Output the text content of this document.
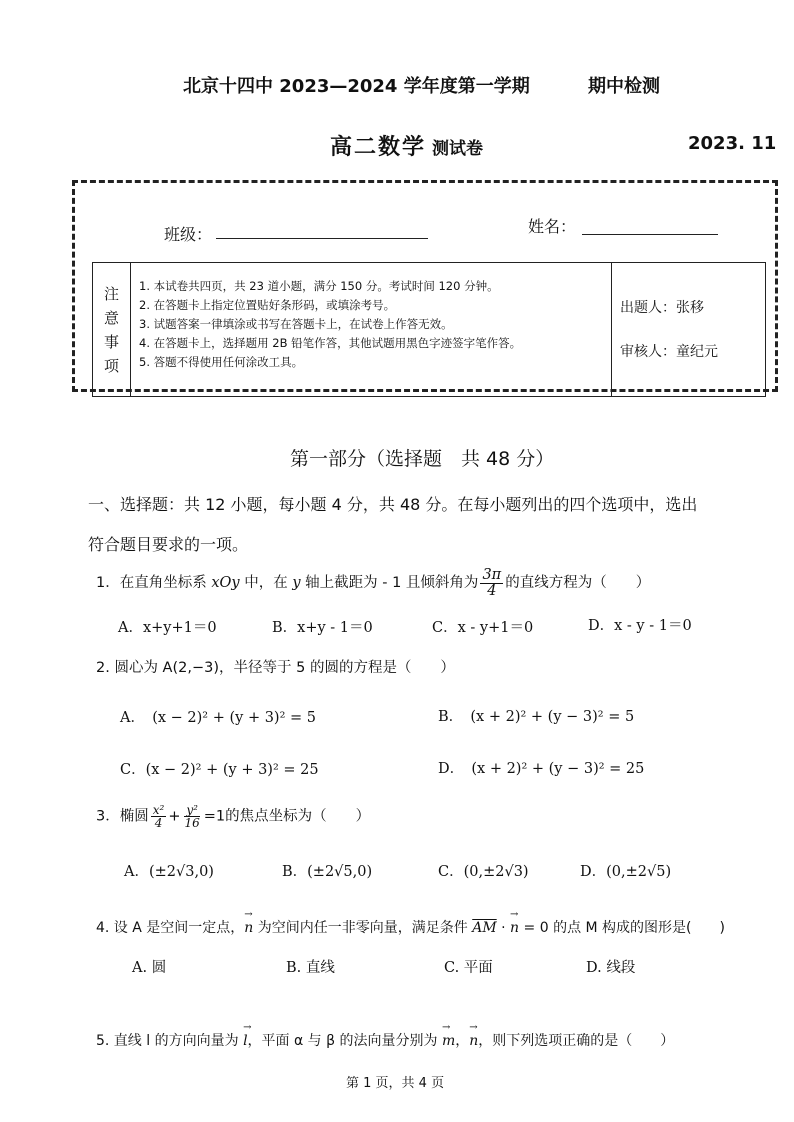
北京十四中 2023—2024 学年度第一学期	期中检测
高二数学 测试卷	2023. 11
班级：	姓名：
注
意
事
项
1. 本试卷共四页，共 23 道小题，满分 150 分。考试时间 120 分钟。
2. 在答题卡上指定位置贴好条形码，或填涂考号。
3. 试题答案一律填涂或书写在答题卡上，在试卷上作答无效。
4. 在答题卡上，选择题用 2B 铅笔作答，其他试题用黑色字迹签字笔作答。
5. 答题不得使用任何涂改工具。
出题人：张移
审核人：童纪元
第一部分（选择题　共 48 分）
一、选择题：共 12 小题，每小题 4 分，共 48 分。在每小题列出的四个选项中，选出
符合题目要求的一项。
1．在直角坐标系 xOy 中，在 y 轴上截距为 - 1 且倾斜角为 $\frac{3\pi}{4}$ 的直线方程为（　　）
A．x+y+1＝0	B．x+y - 1＝0	C．x - y+1＝0	D．x - y - 1＝0
2. 圆心为 A(2,−3)，半径等于 5 的圆的方程是（　　）
A．　(x − 2)² + (y + 3)² = 5	B．　(x + 2)² + (y − 3)² = 5
C．(x − 2)² + (y + 3)² = 25	D．　(x + 2)² + (y − 3)² = 25
3．椭圆 $\frac{\text{x²}}{4} + \frac{\text{y²}}{16} =1$的焦点坐标为（　　）
A．(±2√3,0)	B．(±2√5,0)	C．(0,±2√3)	D．(0,±2√5)
4. 设 A 是空间一定点，→ n 为空间内任一非零向量，满足条件 $\overline{AM}$ · → n = 0 的点 M 构成的图形是(　　)
A. 圆	B. 直线	C. 平面	D. 线段
5. 直线 l 的方向向量为 → l，平面 α 与 β 的法向量分别为 → m，→ n，则下列选项正确的是（　　）
第 1 页，共 4 页
